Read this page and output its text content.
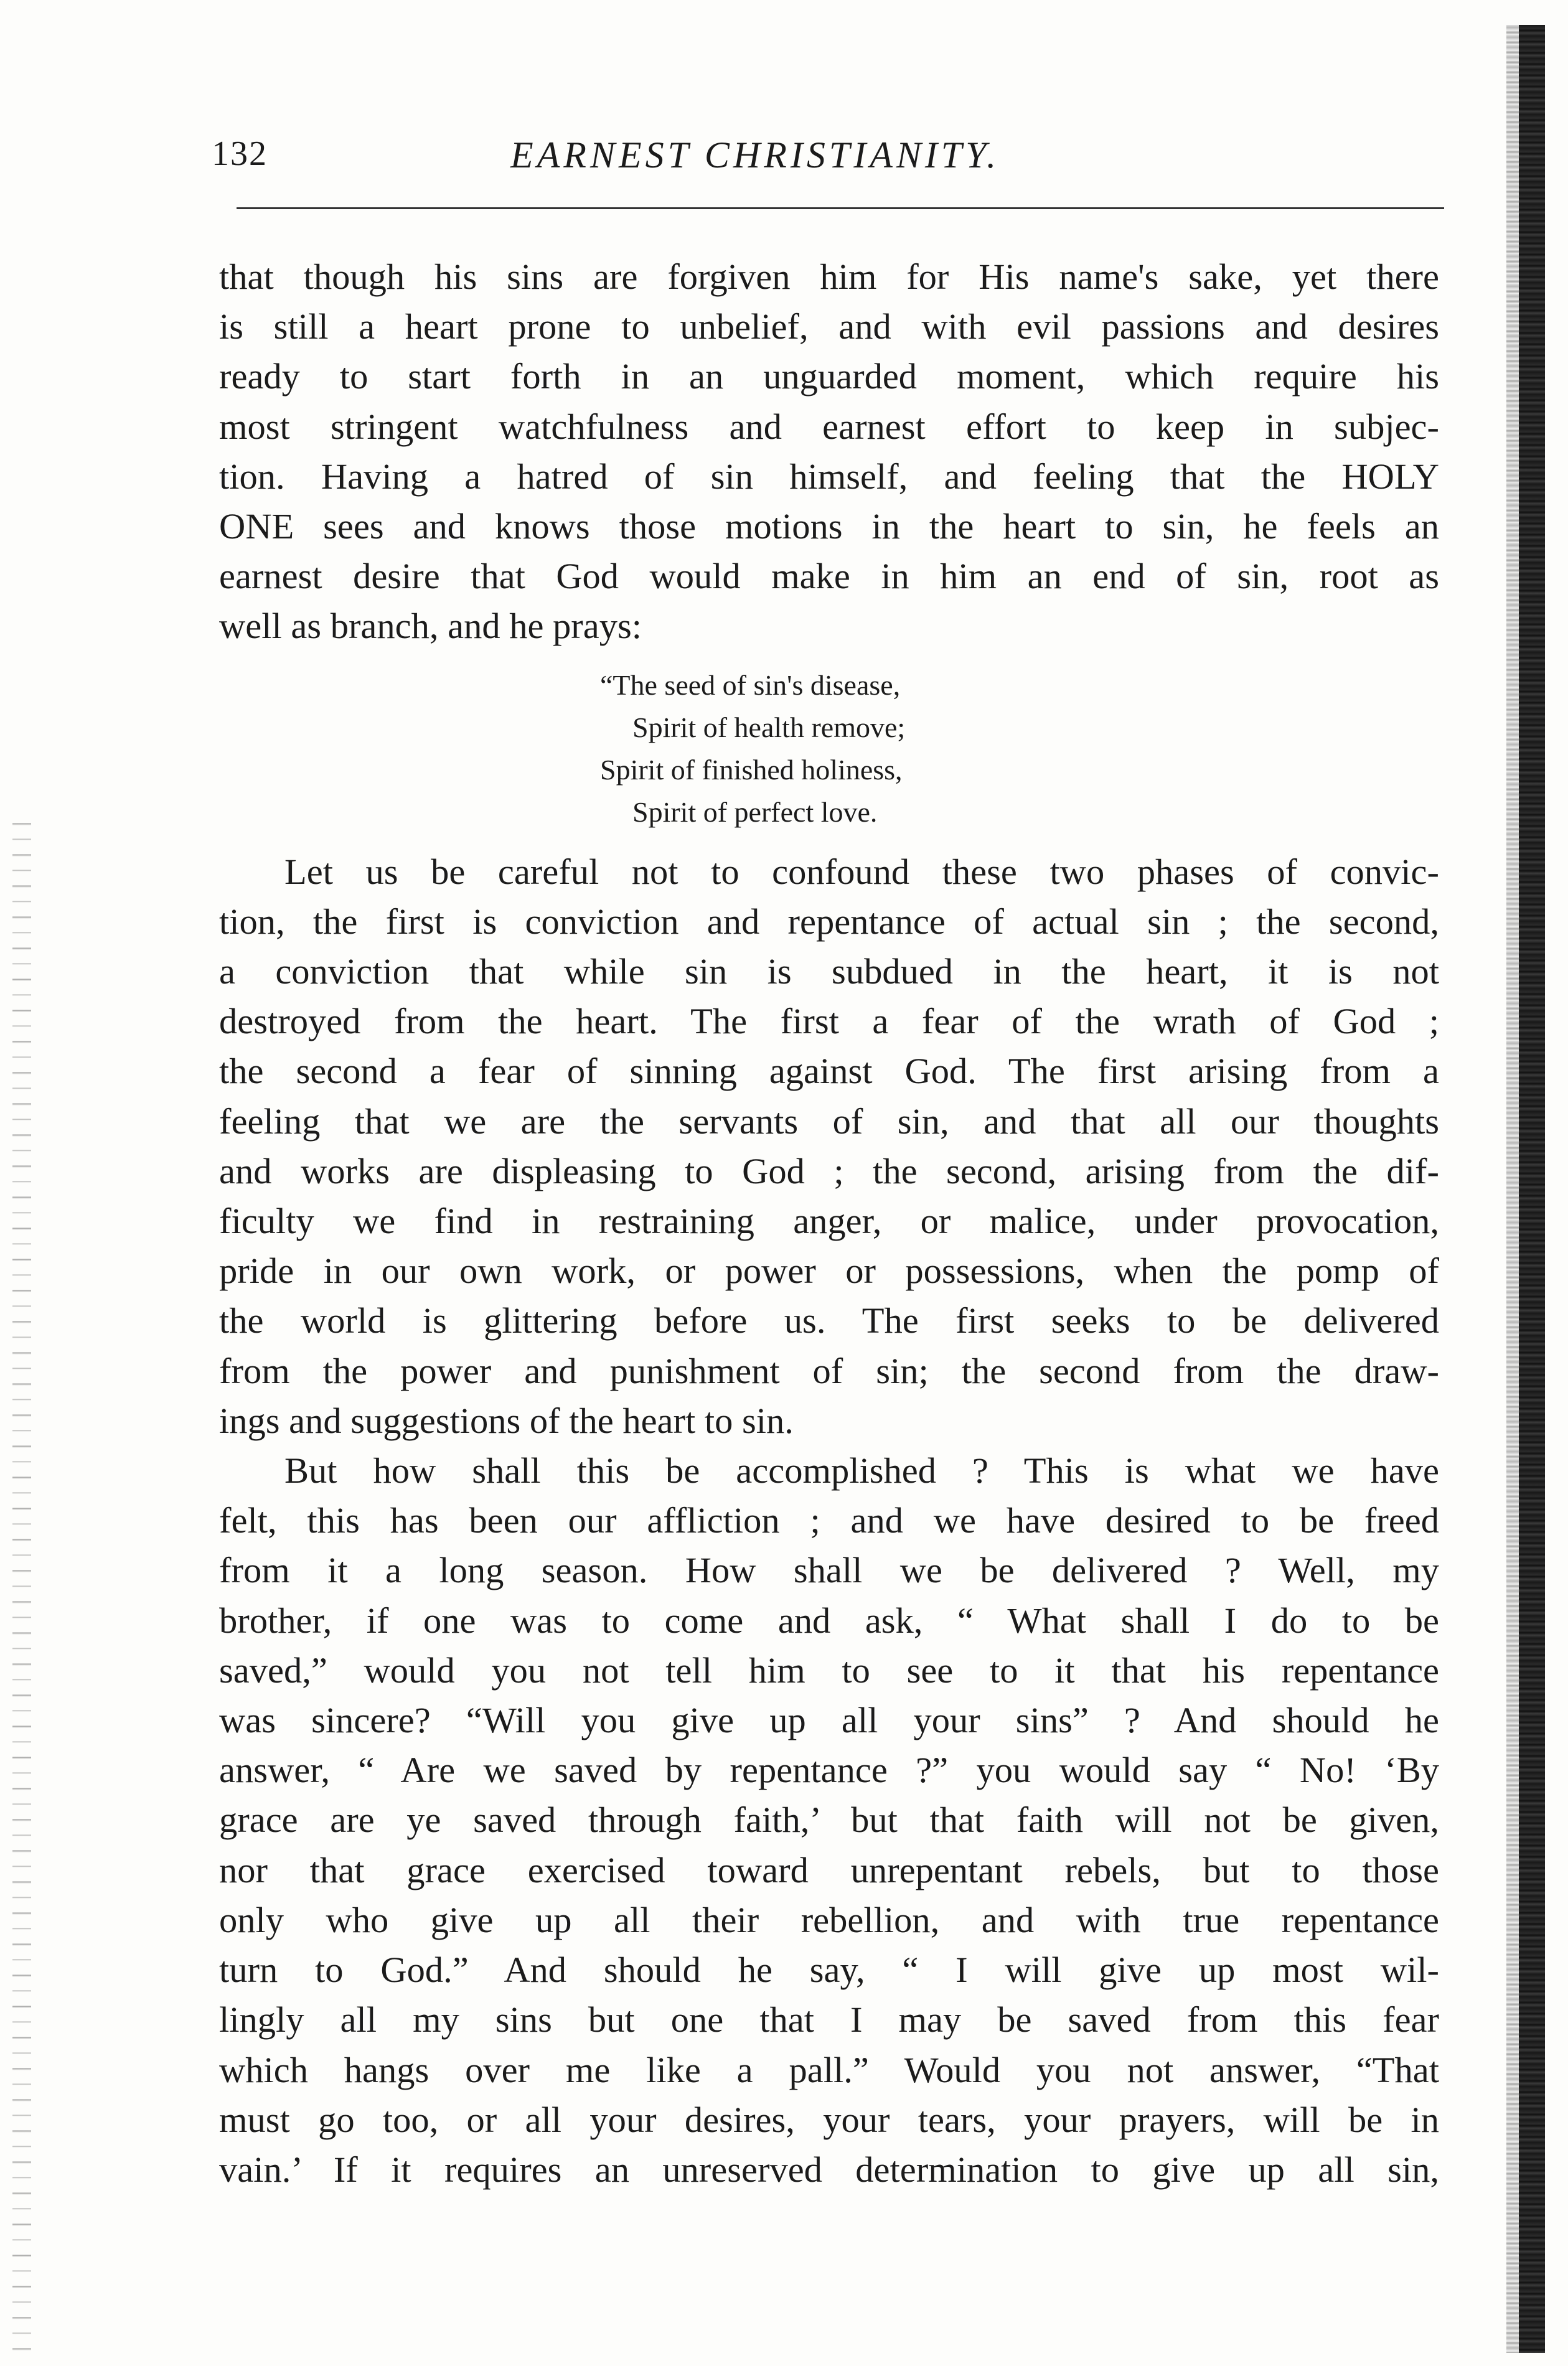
132	EARNEST CHRISTIANITY.

that though his sins are forgiven him for His name's sake, yet there
is still a heart prone to unbelief, and with evil passions and desires
ready to start forth in an unguarded moment, which require his
most stringent watchfulness and earnest effort to keep in subjec-
tion. Having a hatred of sin himself, and feeling that the HOLY
ONE sees and knows those motions in the heart to sin, he feels an
earnest desire that God would make in him an end of sin, root as
well as branch, and he prays:

“The seed of sin's disease,
Spirit of health remove;
Spirit of finished holiness,
Spirit of perfect love.

Let us be careful not to confound these two phases of convic-
tion, the first is conviction and repentance of actual sin ; the second,
a conviction that while sin is subdued in the heart, it is not
destroyed from the heart. The first a fear of the wrath of God ;
the second a fear of sinning against God. The first arising from a
feeling that we are the servants of sin, and that all our thoughts
and works are displeasing to God ; the second, arising from the dif-
ficulty we find in restraining anger, or malice, under provocation,
pride in our own work, or power or possessions, when the pomp of
the world is glittering before us. The first seeks to be delivered
from the power and punishment of sin; the second from the draw-
ings and suggestions of the heart to sin.

But how shall this be accomplished ? This is what we have
felt, this has been our affliction ; and we have desired to be freed
from it a long season. How shall we be delivered ? Well, my
brother, if one was to come and ask, “ What shall I do to be
saved,” would you not tell him to see to it that his repentance
was sincere? “Will you give up all your sins” ? And should he
answer, “ Are we saved by repentance ?” you would say “ No! ‘By
grace are ye saved through faith,’ but that faith will not be given,
nor that grace exercised toward unrepentant rebels, but to those
only who give up all their rebellion, and with true repentance
turn to God.” And should he say, “ I will give up most wil-
lingly all my sins but one that I may be saved from this fear
which hangs over me like a pall.” Would you not answer, “That
must go too, or all your desires, your tears, your prayers, will be in
vain.’ If it requires an unreserved determination to give up all sin,
